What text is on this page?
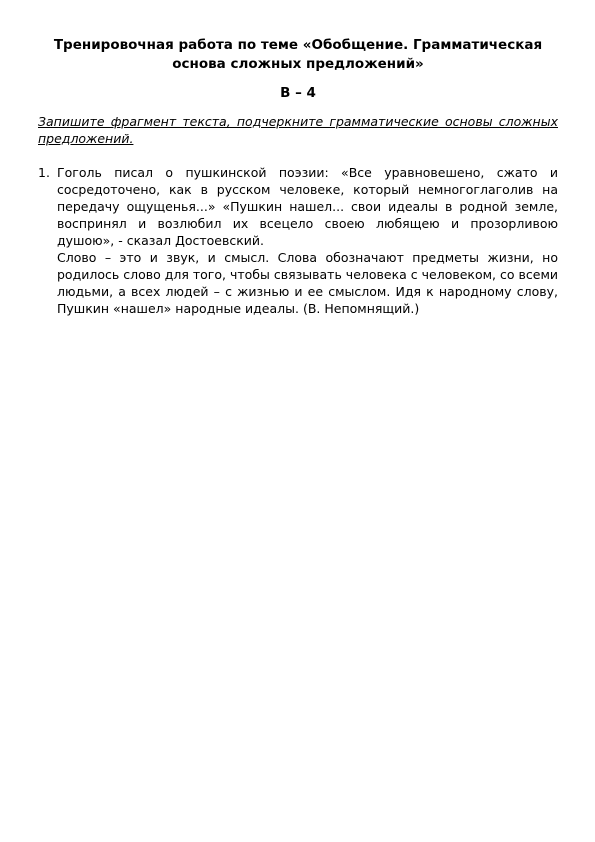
Тренировочная работа по теме «Обобщение. Грамматическая
основа сложных предложений»
В – 4
Запишите фрагмент текста, подчеркните грамматические основы сложных предложений.
1. Гоголь писал о пушкинской поэзии: «Все уравновешено, сжато и сосредоточено, как в русском человеке, который немногоглаголив на передачу ощущенья...» «Пушкин нашел... свои идеалы в родной земле, воспринял и возлюбил их всецело своею любящею и прозорливою душою», - сказал Достоевский.

Слово – это и звук, и смысл. Слова обозначают предметы жизни, но родилось слово для того, чтобы связывать человека с человеком, со всеми людьми, а всех людей – с жизнью и ее смыслом. Идя к народному слову, Пушкин «нашел» народные идеалы. (В. Непомнящий.)
